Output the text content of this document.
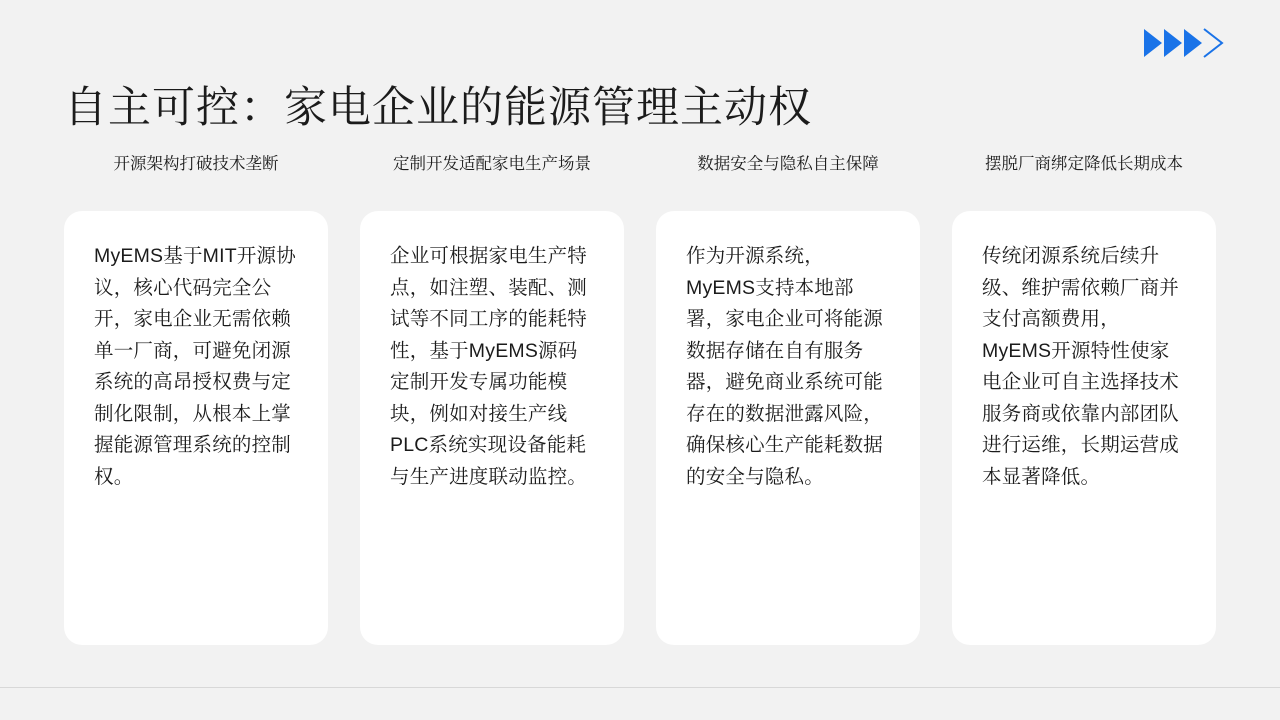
自主可控：家电企业的能源管理主动权
开源架构打破技术垄断
MyEMS基于MIT开源协议，核心代码完全公开，家电企业无需依赖单一厂商，可避免闭源系统的高昂授权费与定制化限制，从根本上掌握能源管理系统的控制权。
定制开发适配家电生产场景
企业可根据家电生产特点，如注塑、装配、测试等不同工序的能耗特性，基于MyEMS源码定制开发专属功能模块，例如对接生产线PLC系统实现设备能耗与生产进度联动监控。
数据安全与隐私自主保障
作为开源系统，MyEMS支持本地部署，家电企业可将能源数据存储在自有服务器，避免商业系统可能存在的数据泄露风险，确保核心生产能耗数据的安全与隐私。
摆脱厂商绑定降低长期成本
传统闭源系统后续升级、维护需依赖厂商并支付高额费用，MyEMS开源特性使家电企业可自主选择技术服务商或依靠内部团队进行运维，长期运营成本显著降低。
